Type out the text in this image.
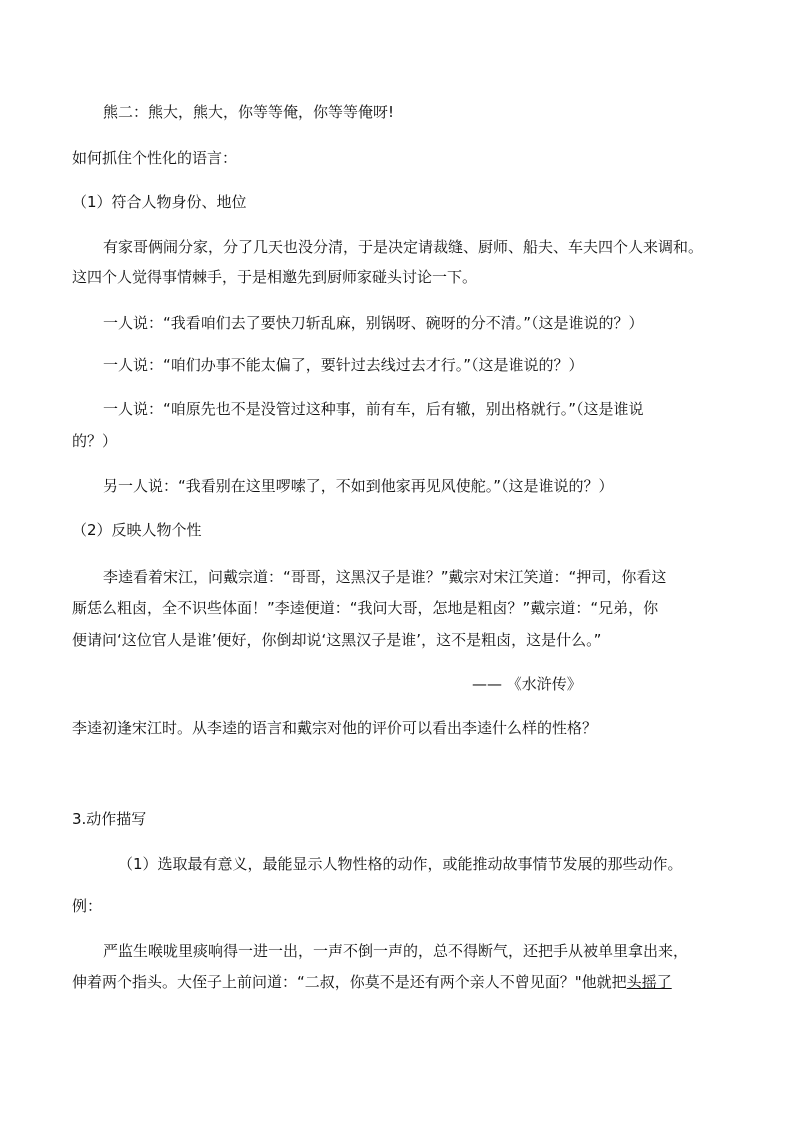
熊二：熊大，熊大，你等等俺，你等等俺呀!
如何抓住个性化的语言：
（1）符合人物身份、地位
有家哥俩闹分家，分了几天也没分清，于是决定请裁缝、厨师、船夫、车夫四个人来调和。
这四个人觉得事情棘手，于是相邀先到厨师家碰头讨论一下。
一人说：“我看咱们去了要快刀斩乱麻，别锅呀、碗呀的分不清。”（这是谁说的？）
一人说：“咱们办事不能太偏了，要针过去线过去才行。”（这是谁说的？）
一人说：“咱原先也不是没管过这种事，前有车，后有辙，别出格就行。”（这是谁说
的？）
另一人说：“我看别在这里啰嗦了，不如到他家再见风使舵。”（这是谁说的？）
（2）反映人物个性
李逵看着宋江，问戴宗道：“哥哥，这黑汉子是谁？”戴宗对宋江笑道：“押司，你看这
厮恁么粗卤，全不识些体面！”李逵便道：“我问大哥，怎地是粗卤？”戴宗道：“兄弟，你
便请问‘这位官人是谁’便好，你倒却说‘这黑汉子是谁’，这不是粗卤，这是什么。”
—— 《水浒传》
李逵初逢宋江时。从李逵的语言和戴宗对他的评价可以看出李逵什么样的性格？
3.动作描写
（1）选取最有意义，最能显示人物性格的动作，或能推动故事情节发展的那些动作。
例：
严监生喉咙里痰响得一进一出，一声不倒一声的，总不得断气，还把手从被单里拿出来，
伸着两个指头。大侄子上前问道：“二叔，你莫不是还有两个亲人不曾见面？"他就把头摇了
